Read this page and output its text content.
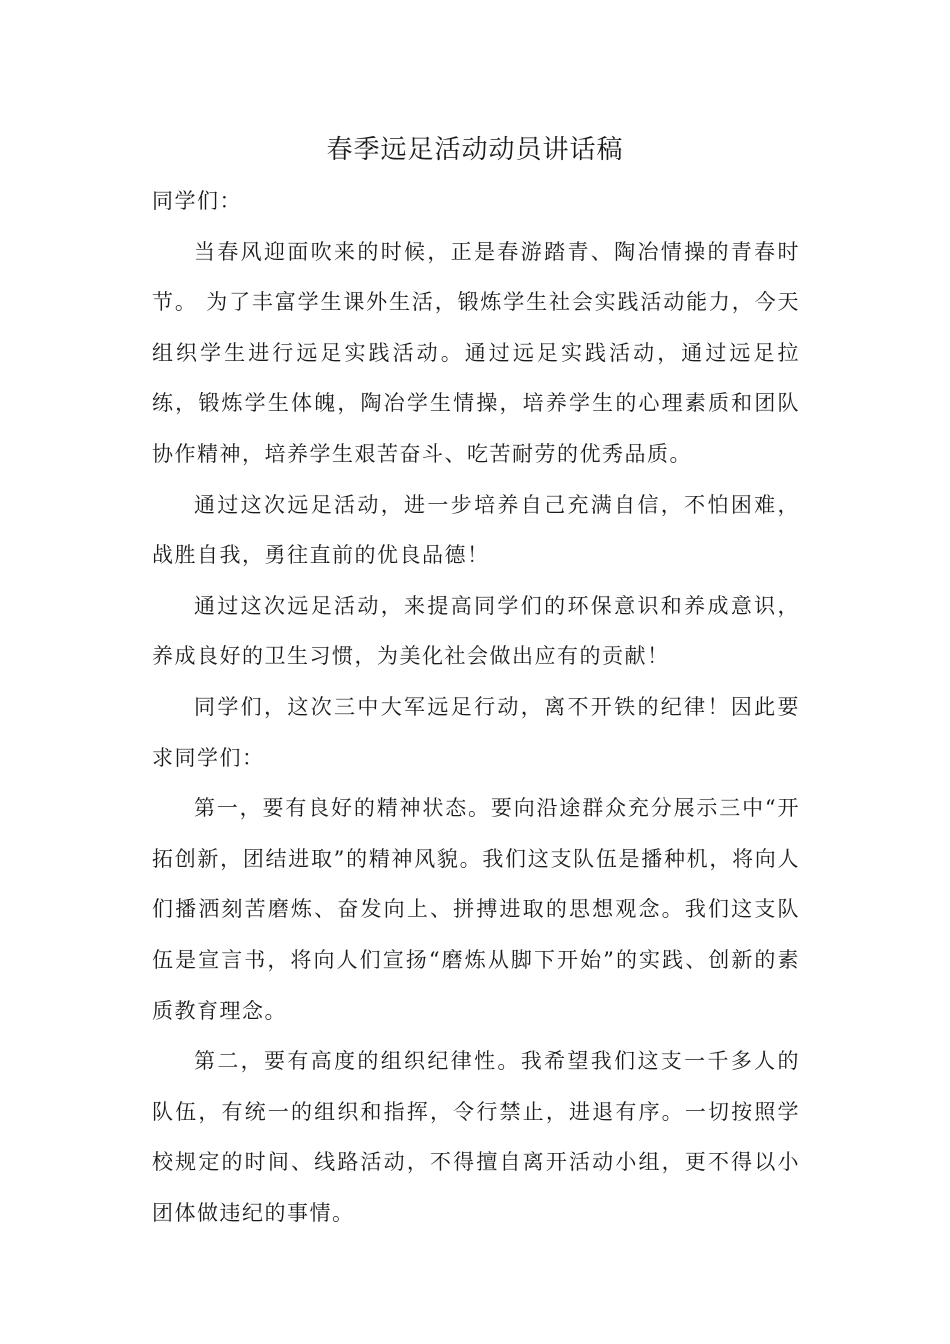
春季远足活动动员讲话稿

同学们：

当春风迎面吹来的时候，正是春游踏青、陶冶情操的青春时节。 为了丰富学生课外生活，锻炼学生社会实践活动能力，今天组织学生进行远足实践活动。通过远足实践活动，通过远足拉练，锻炼学生体魄，陶冶学生情操，培养学生的心理素质和团队协作精神，培养学生艰苦奋斗、吃苦耐劳的优秀品质。

通过这次远足活动，进一步培养自己充满自信，不怕困难，战胜自我，勇往直前的优良品德！

通过这次远足活动，来提高同学们的环保意识和养成意识，养成良好的卫生习惯，为美化社会做出应有的贡献！

同学们，这次三中大军远足行动，离不开铁的纪律！因此要求同学们：

第一，要有良好的精神状态。要向沿途群众充分展示三中“开拓创新，团结进取”的精神风貌。我们这支队伍是播种机，将向人们播洒刻苦磨炼、奋发向上、拼搏进取的思想观念。我们这支队伍是宣言书，将向人们宣扬“磨炼从脚下开始”的实践、创新的素质教育理念。

第二，要有高度的组织纪律性。我希望我们这支一千多人的队伍，有统一的组织和指挥，令行禁止，进退有序。一切按照学校规定的时间、线路活动，不得擅自离开活动小组，更不得以小团体做违纪的事情。
